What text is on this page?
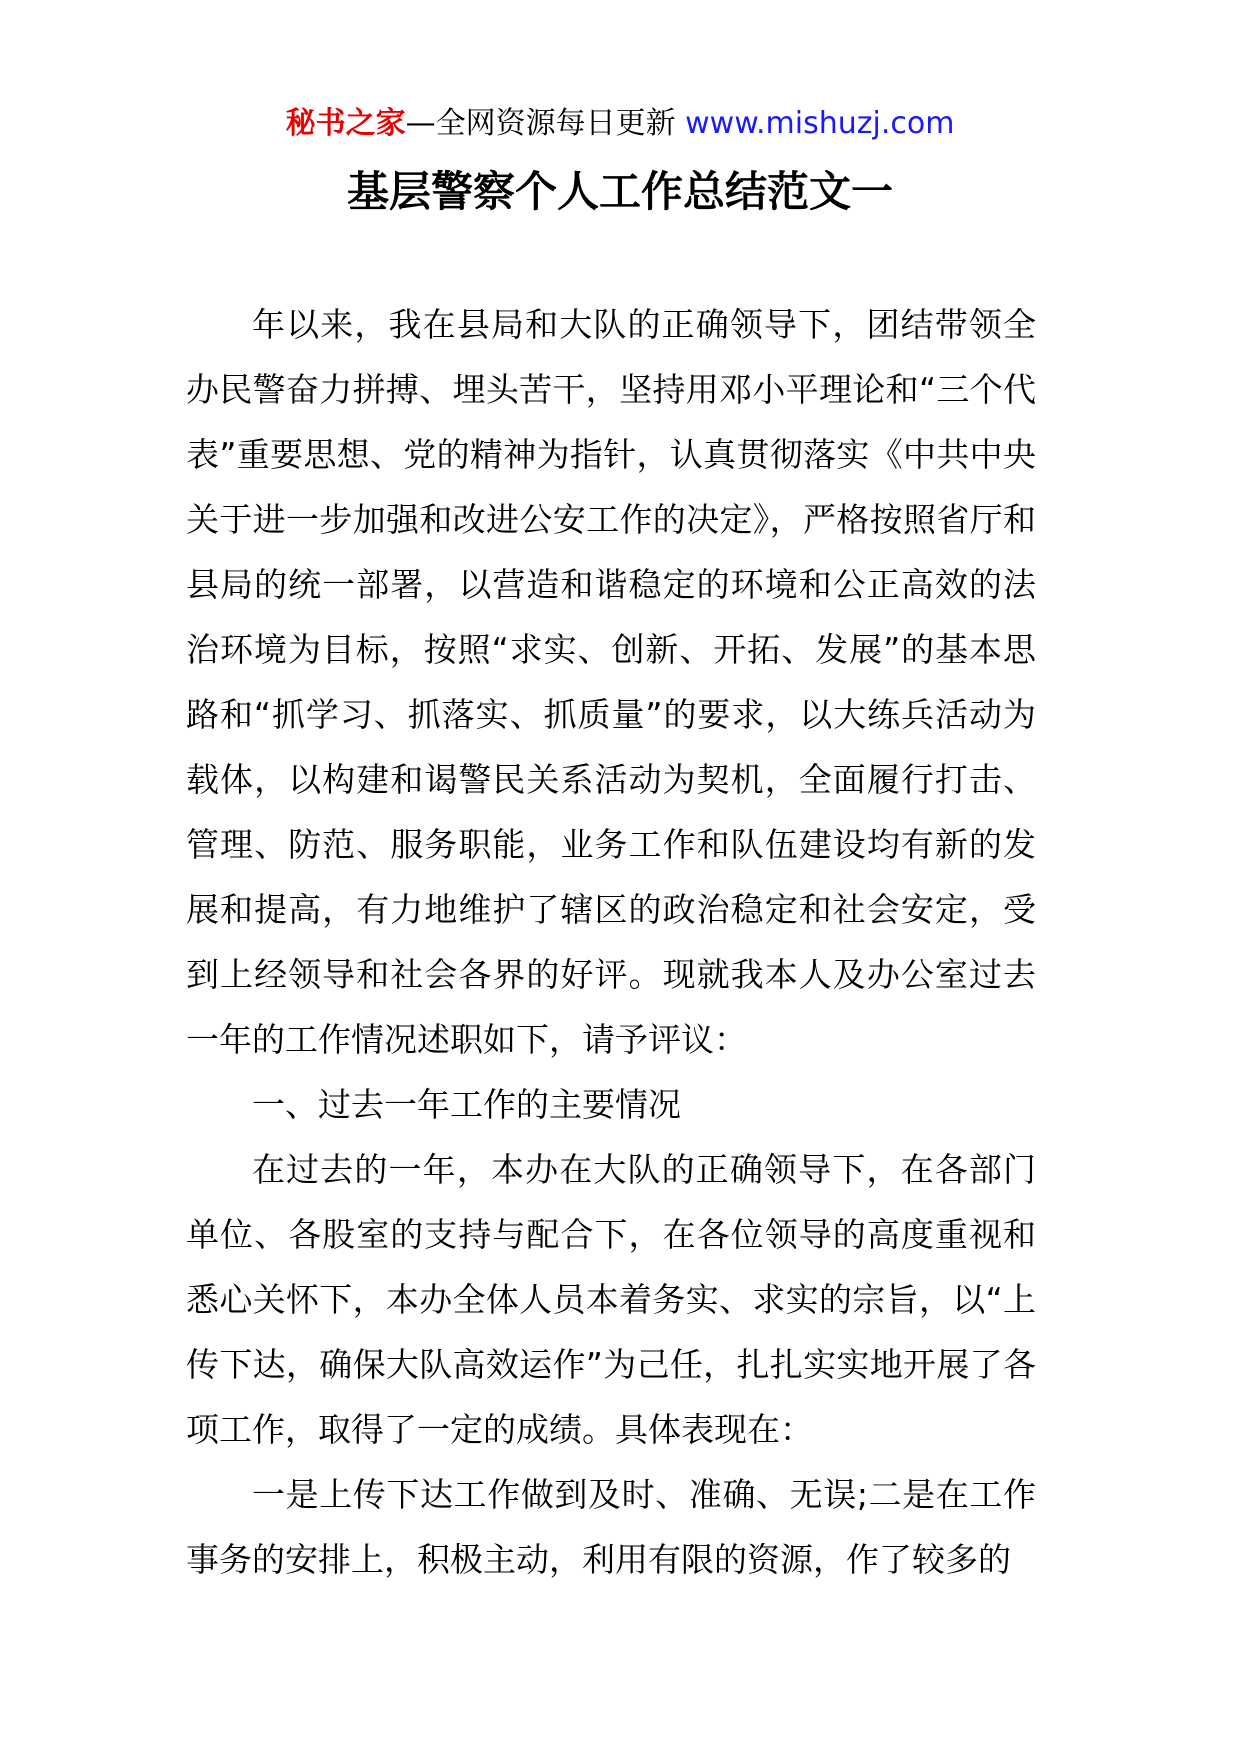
秘书之家—全网资源每日更新 www.mishuzj.com
基层警察个人工作总结范文一

年以来，我在县局和大队的正确领导下，团结带领全办民警奋力拼搏、埋头苦干，坚持用邓小平理论和“三个代表”重要思想、党的精神为指针，认真贯彻落实《中共中央关于进一步加强和改进公安工作的决定》，严格按照省厅和县局的统一部署，以营造和谐稳定的环境和公正高效的法治环境为目标，按照“求实、创新、开拓、发展”的基本思路和“抓学习、抓落实、抓质量”的要求，以大练兵活动为载体，以构建和谒警民关系活动为契机，全面履行打击、管理、防范、服务职能，业务工作和队伍建设均有新的发展和提高，有力地维护了辖区的政治稳定和社会安定，受到上经领导和社会各界的好评。现就我本人及办公室过去一年的工作情况述职如下，请予评议：

一、过去一年工作的主要情况

在过去的一年，本办在大队的正确领导下，在各部门单位、各股室的支持与配合下，在各位领导的高度重视和悉心关怀下，本办全体人员本着务实、求实的宗旨，以“上传下达，确保大队高效运作”为己任，扎扎实实地开展了各项工作，取得了一定的成绩。具体表现在：

一是上传下达工作做到及时、准确、无误;二是在工作事务的安排上，积极主动，利用有限的资源，作了较多的
